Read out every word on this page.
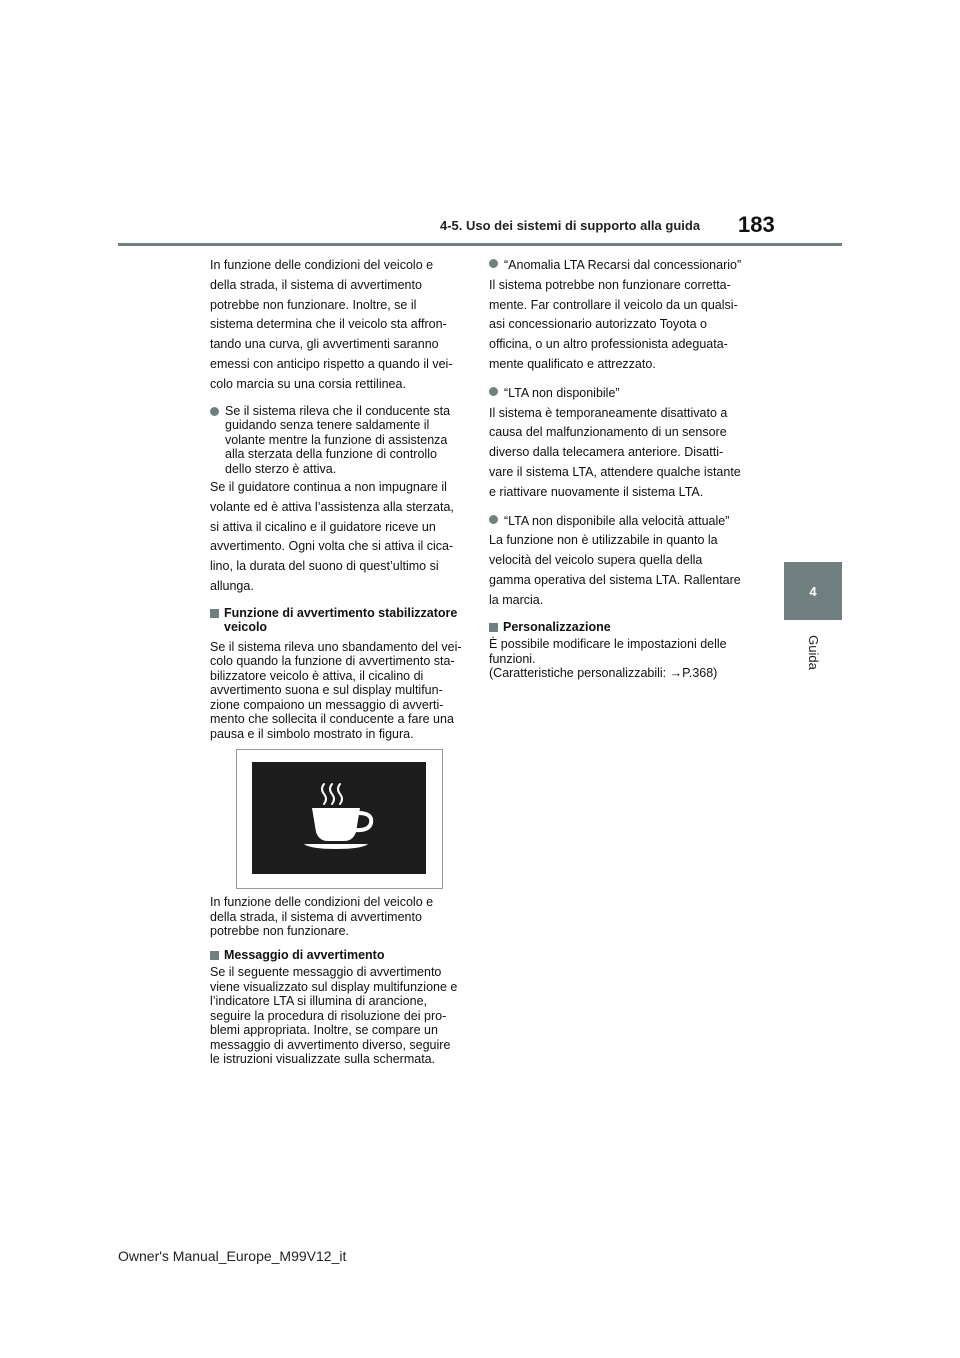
4-5. Uso dei sistemi di supporto alla guida 183
4
Guida

In funzione delle condizioni del veicolo e

della strada, il sistema di avvertimento

potrebbe non funzionare. Inoltre, se il

sistema determina che il veicolo sta affron-

tando una curva, gli avvertimenti saranno

emessi con anticipo rispetto a quando il vei-

colo marcia su una corsia rettilinea.

Se il sistema rileva che il conducente sta

guidando senza tenere saldamente il

volante mentre la funzione di assistenza

alla sterzata della funzione di controllo

dello sterzo è attiva.

Se il guidatore continua a non impugnare il

volante ed è attiva l’assistenza alla sterzata,

si attiva il cicalino e il guidatore riceve un

avvertimento. Ogni volta che si attiva il cica-

lino, la durata del suono di quest’ultimo si

allunga.

Funzione di avvertimento stabilizzatore

veicolo

Se il sistema rileva uno sbandamento del vei-

colo quando la funzione di avvertimento sta-

bilizzatore veicolo è attiva, il cicalino di

avvertimento suona e sul display multifun-

zione compaiono un messaggio di avverti-

mento che sollecita il conducente a fare una

pausa e il simbolo mostrato in figura.

In funzione delle condizioni del veicolo e

della strada, il sistema di avvertimento

potrebbe non funzionare.

Messaggio di avvertimento

Se il seguente messaggio di avvertimento

viene visualizzato sul display multifunzione e

l’indicatore LTA si illumina di arancione,

seguire la procedura di risoluzione dei pro-

blemi appropriata. Inoltre, se compare un

messaggio di avvertimento diverso, seguire

le istruzioni visualizzate sulla schermata.

“Anomalia LTA Recarsi dal concessionario”

Il sistema potrebbe non funzionare corretta-

mente. Far controllare il veicolo da un qualsi-

asi concessionario autorizzato Toyota o

officina, o un altro professionista adeguata-

mente qualificato e attrezzato.

“LTA non disponibile”

Il sistema è temporaneamente disattivato a

causa del malfunzionamento di un sensore

diverso dalla telecamera anteriore. Disatti-

vare il sistema LTA, attendere qualche istante

e riattivare nuovamente il sistema LTA.

“LTA non disponibile alla velocità attuale”

La funzione non è utilizzabile in quanto la

velocità del veicolo supera quella della

gamma operativa del sistema LTA. Rallentare

la marcia.

Personalizzazione

È possibile modificare le impostazioni delle

funzioni.

(Caratteristiche personalizzabili: →P.368)

Owner's Manual_Europe_M99V12_it
